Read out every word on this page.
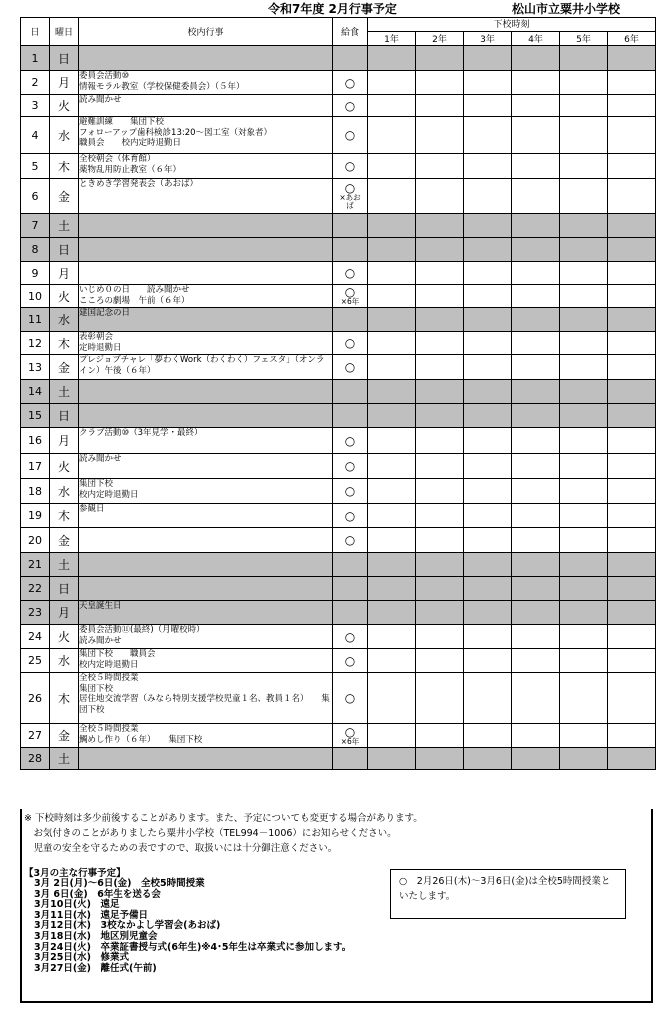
令和7年度 2月行事予定	松山市立粟井小学校
日	曜日	校内行事	給食	下校時刻					
				1年	2年	3年	4年	5年	6年
1	日		

2	月	委員会活動⑩
情報モラル教室（学校保健委員会）（５年）	○						

3	火	読み聞かせ	○						

4	水	避難訓練　　集団下校
フォローアップ歯科検診13:20～図工室（対象者）
職員会　　校内定時退勤日	○						

5	木	全校朝会（体育館）
薬物乱用防止教室（６年）	○						

6	金	ときめき学習発表会（あおば）	○
×あお
ば						

7	土		

8	日		

9	月		○						

10	火	いじめ０の日　　読み聞かせ
こころの劇場　午前（６年）	○
×6年						

11	水	建国記念の日	

12	木	表彰朝会
定時退勤日	○						

13	金	プレジョブチャレ「夢わくWork（わくわく）フェスタ」（オンライン）午後（６年）	○						

14	土		

15	日		

16	月	クラブ活動⑩（3年見学・最終）	○						

17	火	読み聞かせ	○						

18	水	集団下校
校内定時退勤日	○						

19	木	参観日	○						

20	金		○						

21	土		

22	日		

23	月	天皇誕生日	

24	火	委員会活動⑪(最終)（月曜校時）
読み聞かせ	○						

25	水	集団下校　　職員会
校内定時退勤日	○						

26	木	全校５時間授業
集団下校
居住地交流学習（みなら特別支援学校児童１名、教員１名）　　集団下校	○						

27	金	全校５時間授業
鯛めし作り（６年）　　集団下校	○
×6年						

28	土		

※ 下校時刻は多少前後することがあります。また、予定についても変更する場合があります。
　お気付きのことがありましたら粟井小学校（TEL994－1006）にお知らせください。
　児童の安全を守るための表ですので、取扱いには十分御注意ください。
【3月の主な行事予定】
3月 2日(月)～6日(金)　全校5時間授業
3月 6日(金)　6年生を送る会
3月10日(火)　遠足
3月11日(水)　遠足予備日
3月12日(木)　3校なかよし学習会(あおば)
3月18日(水)　地区別児童会
3月24日(火)　卒業証書授与式(6年生)※4･5年生は卒業式に参加します。
3月25日(水)　修業式
3月27日(金)　離任式(午前)
○　2月26日(木)～3月6日(金)は全校5時間授業といたします。
